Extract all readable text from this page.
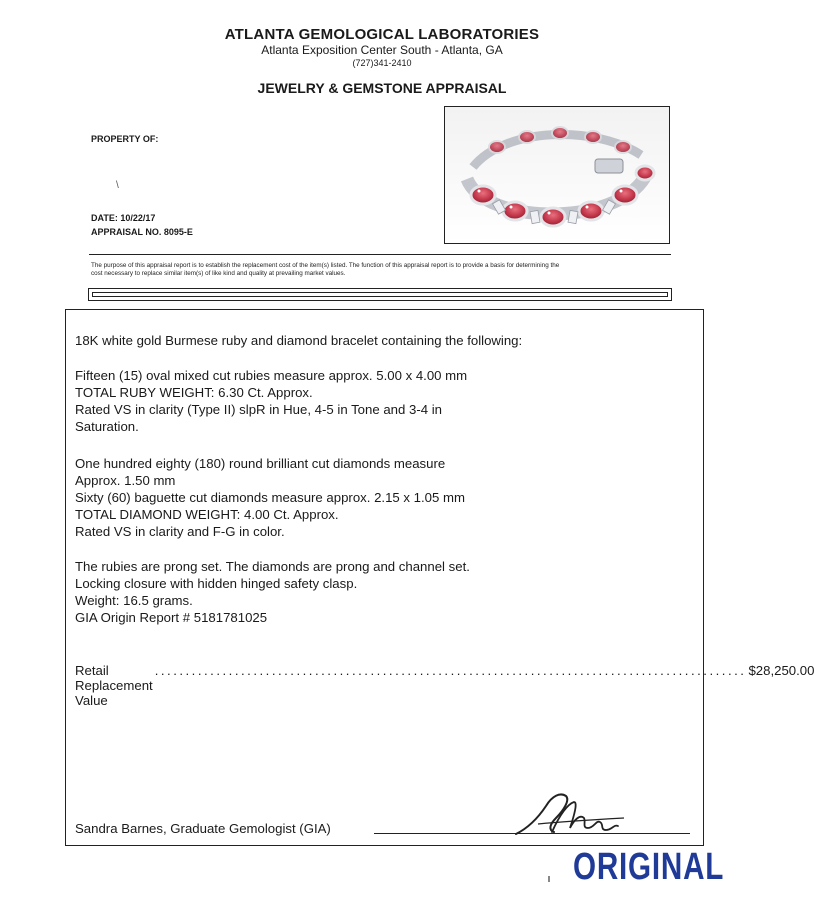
ATLANTA GEMOLOGICAL LABORATORIES
Atlanta Exposition Center South - Atlanta, GA
(727)341-2410
JEWELRY & GEMSTONE APPRAISAL
PROPERTY OF:
\
DATE: 10/22/17
APPRAISAL NO. 8095-E
The purpose of this appraisal report is to establish the replacement cost of the item(s) listed. The function of this appraisal report is to provide a basis for determining the
cost necessary to replace similar item(s) of like kind and quality at prevailing market values.
18K white gold Burmese ruby and diamond bracelet containing the following:
Fifteen (15) oval mixed cut rubies measure approx. 5.00 x 4.00 mm
TOTAL RUBY WEIGHT: 6.30 Ct. Approx.
Rated VS in clarity (Type II) slpR in Hue, 4-5 in Tone and 3-4 in
Saturation.
One hundred eighty (180) round brilliant cut diamonds measure
Approx. 1.50 mm
Sixty (60) baguette cut diamonds measure approx. 2.15 x 1.05 mm
TOTAL DIAMOND WEIGHT: 4.00 Ct. Approx.
Rated VS in clarity and F-G in color.
The rubies are prong set. The diamonds are prong and channel set.
Locking closure with hidden hinged safety clasp.
Weight: 16.5 grams.
GIA Origin Report # 5181781025
Retail Replacement Value
................................................................................................ $28,250.00
Sandra Barnes, Graduate Gemologist (GIA)
ORIGINAL
